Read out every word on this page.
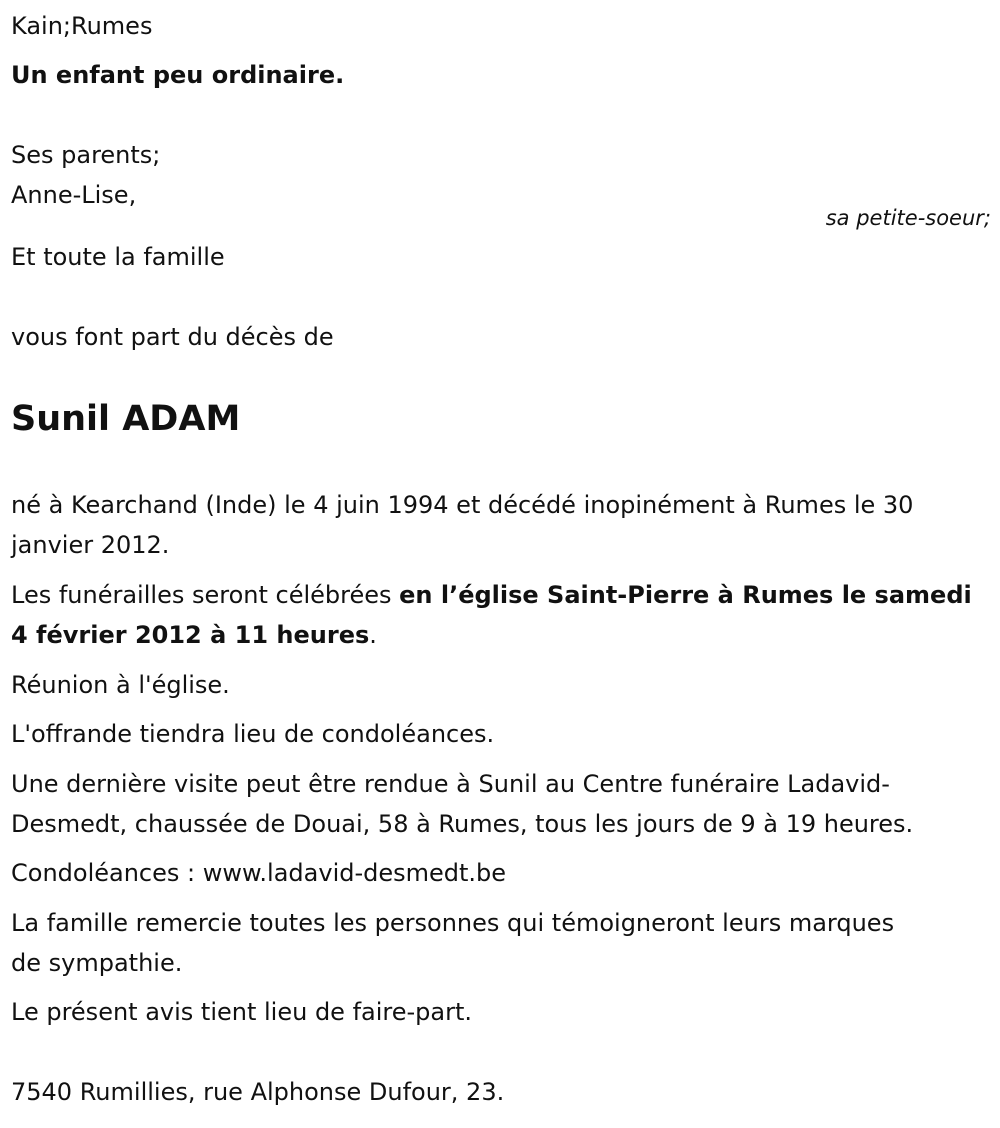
Kain;Rumes
Un enfant peu ordinaire.
Ses parents;
Anne-Lise,
sa petite-soeur;
Et toute la famille
vous font part du décès de
Sunil ADAM
né à Kearchand (Inde) le 4 juin 1994 et décédé inopinément à Rumes le 30 janvier 2012.
Les funérailles seront célébrées en l’église Saint-Pierre à Rumes le samedi 4 février 2012 à 11 heures.
Réunion à l'église.
L'offrande tiendra lieu de condoléances.
Une dernière visite peut être rendue à Sunil au Centre funéraire Ladavid-Desmedt, chaussée de Douai, 58 à Rumes, tous les jours de 9 à 19 heures.
Condoléances : www.ladavid-desmedt.be
La famille remercie toutes les personnes qui témoigneront leurs marques de sympathie.
Le présent avis tient lieu de faire-part.
7540 Rumillies, rue Alphonse Dufour, 23.
